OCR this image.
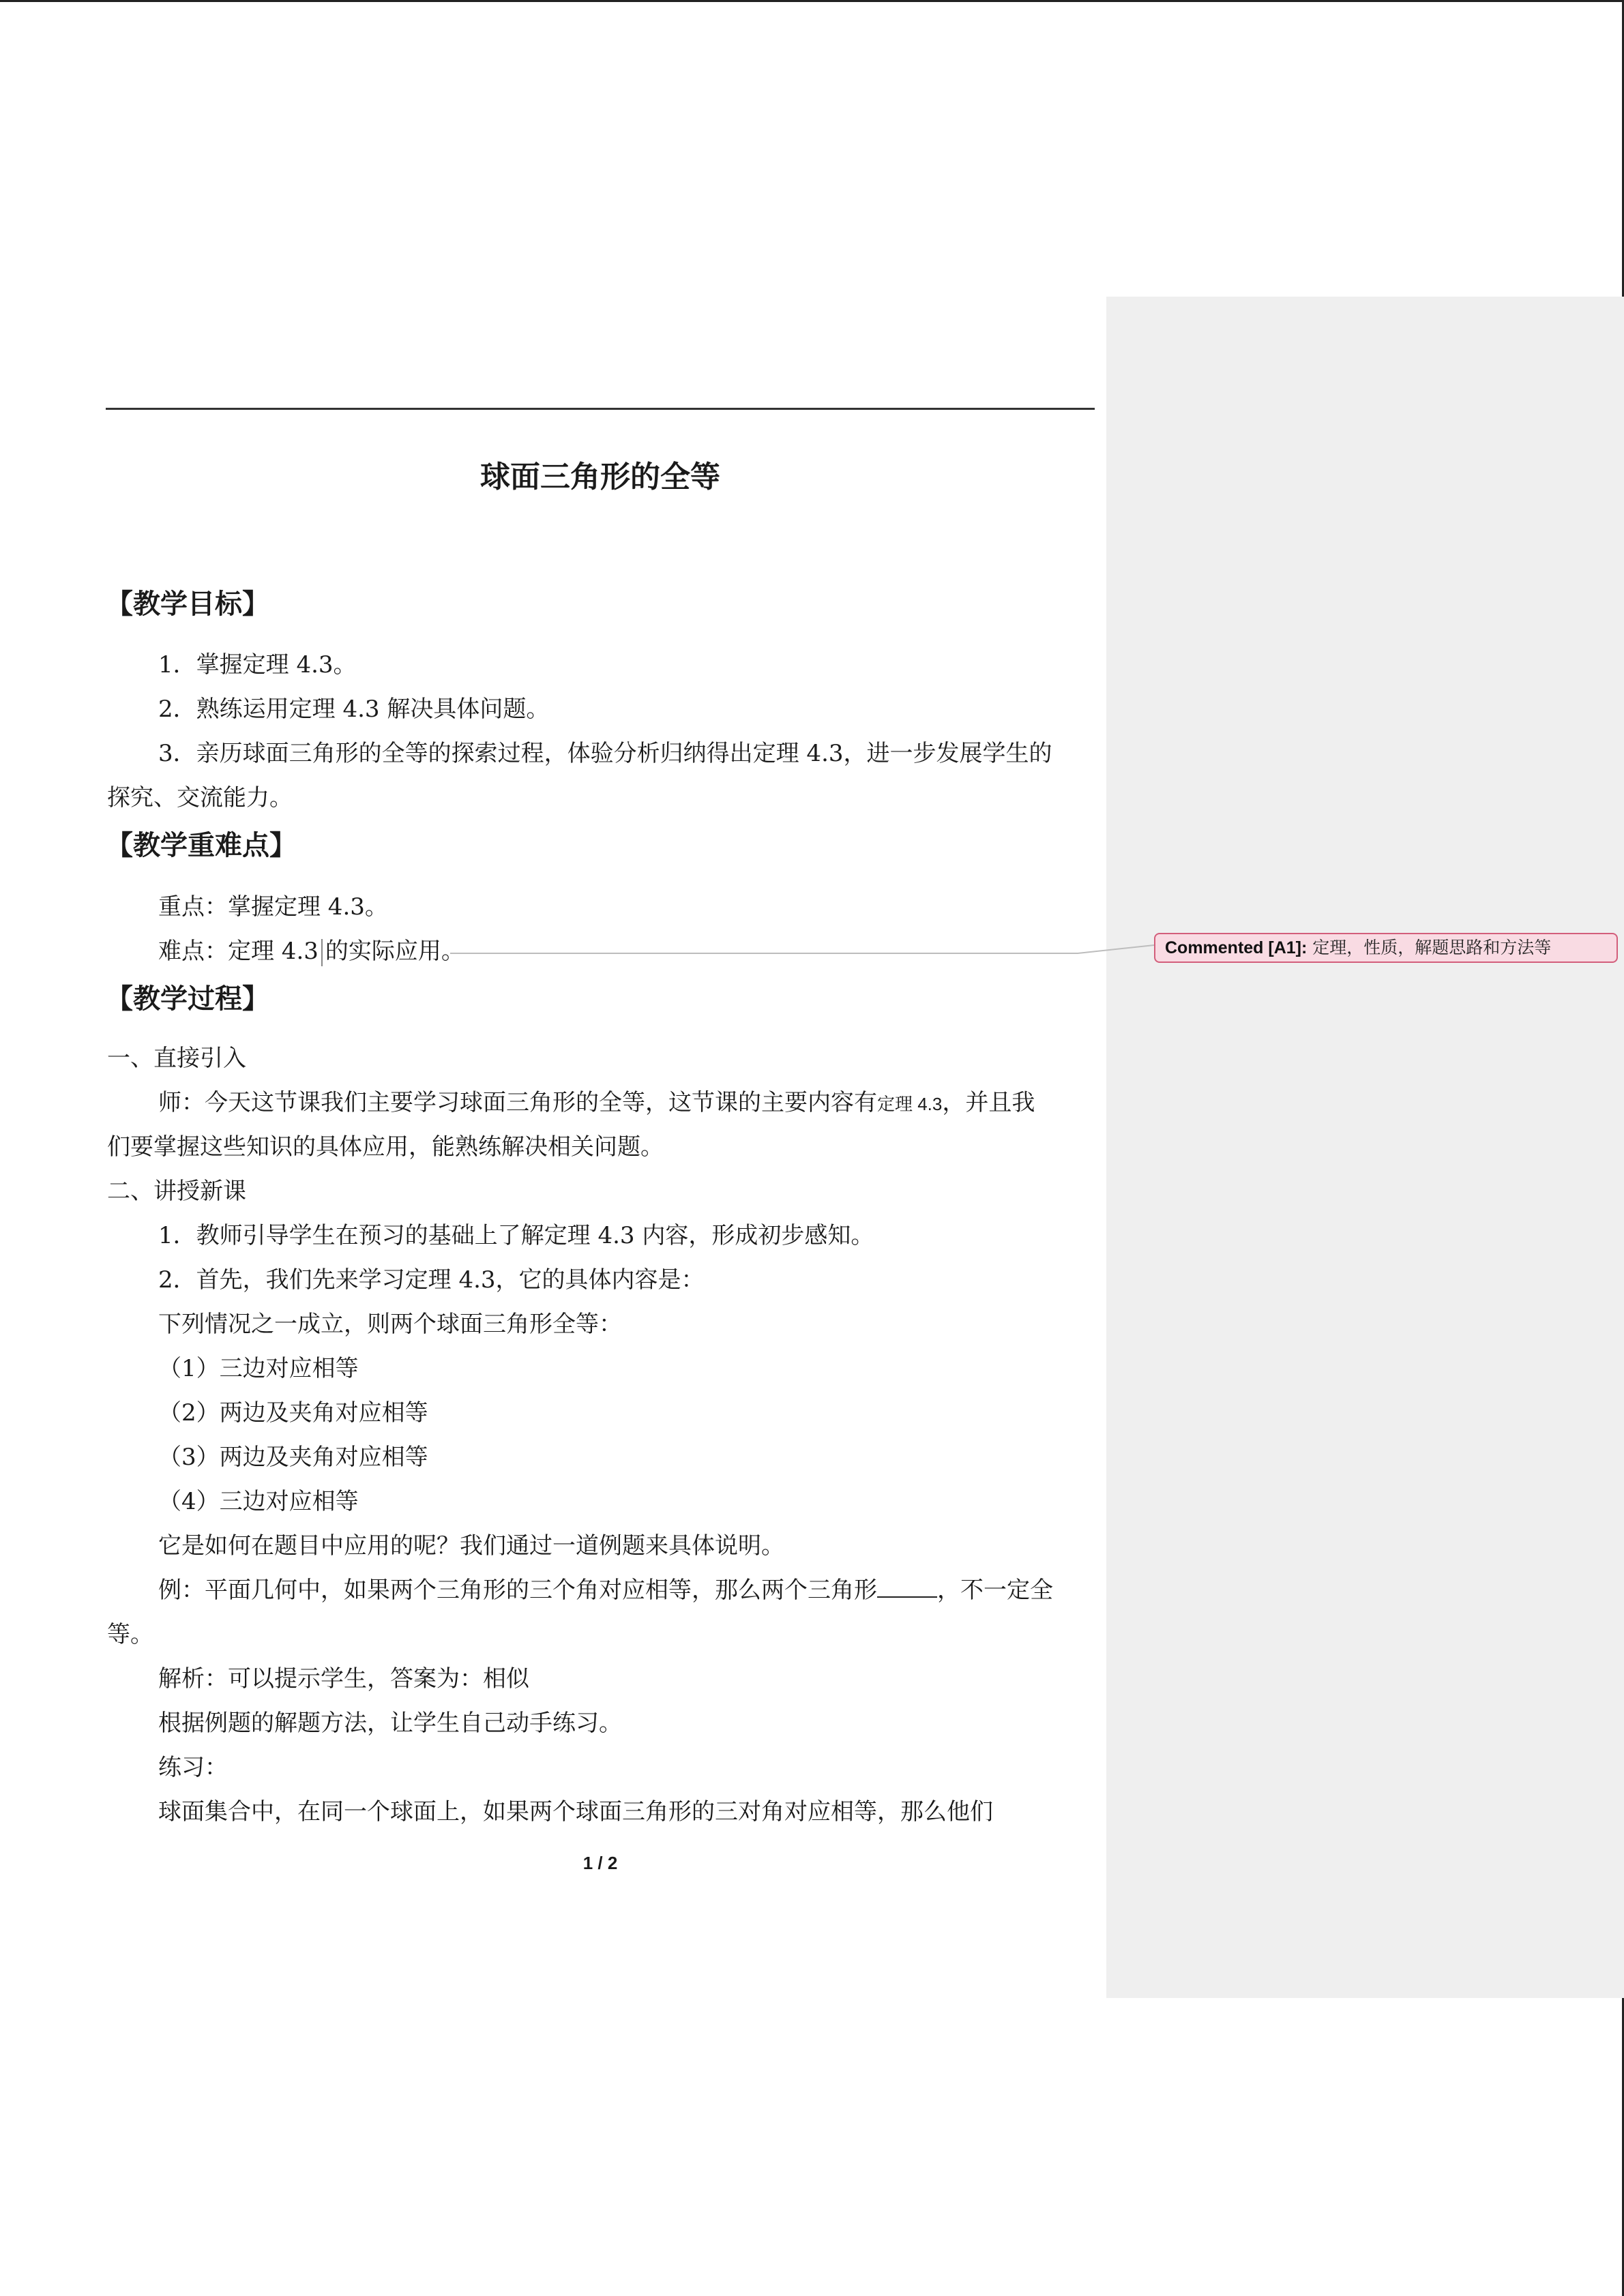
球面三角形的全等
【教学目标】
1．掌握定理 4.3。
2．熟练运用定理 4.3 解决具体问题。
3．亲历球面三角形的全等的探索过程，体验分析归纳得出定理 4.3，进一步发展学生的
探究、交流能力。
【教学重难点】
重点：掌握定理 4.3。
难点：定理 4.3 的实际应用。
【教学过程】
一、直接引入
师：今天这节课我们主要学习球面三角形的全等，这节课的主要内容有定理 4.3，并且我
们要掌握这些知识的具体应用，能熟练解决相关问题。
二、讲授新课
1．教师引导学生在预习的基础上了解定理 4.3 内容，形成初步感知。
2．首先，我们先来学习定理 4.3，它的具体内容是：
下列情况之一成立，则两个球面三角形全等：
（1）三边对应相等
（2）两边及夹角对应相等
（3）两边及夹角对应相等
（4）三边对应相等
它是如何在题目中应用的呢？我们通过一道例题来具体说明。
例：平面几何中，如果两个三角形的三个角对应相等，那么两个三角形	，不一定全
等。
解析：可以提示学生，答案为：相似
根据例题的解题方法，让学生自己动手练习。
练习：
球面集合中，在同一个球面上，如果两个球面三角形的三对角对应相等，那么他们
1 / 2
Commented [A1]: 定理，性质，解题思路和方法等
